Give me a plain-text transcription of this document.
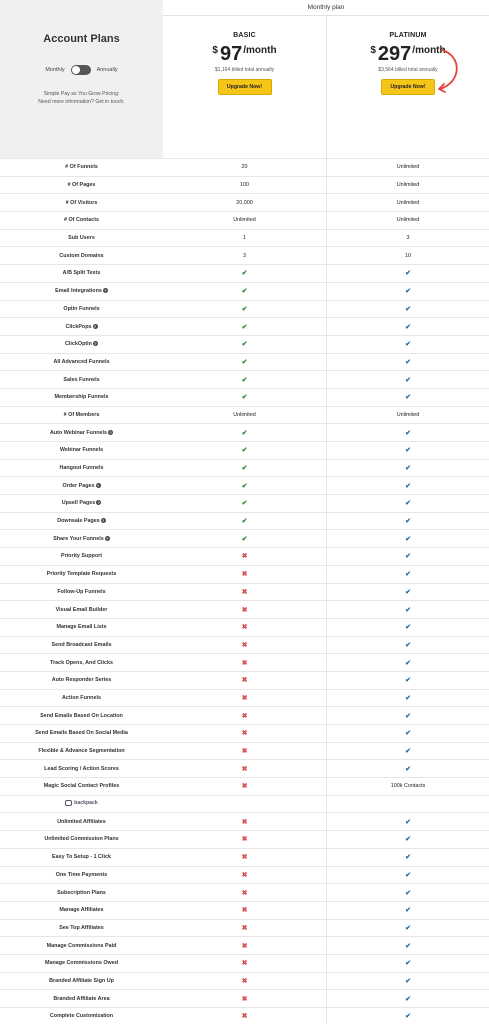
Monthly plan
Account Plans
Monthly	Annually
Simple Pay as You Grow Pricing:
Need more information? Get in touch.
BASIC
$ 97 /month
$1,164 billed total annually
Upgrade Now!
PLATINUM
$ 297 /month
$3,564 billed total annually
Upgrade Now!
# Of Funnels	20	Unlimited
# Of Pages	100	Unlimited
# Of Visitors	20,000	Unlimited
# Of Contacts	Unlimited	Unlimited
Sub Users	1	3
Custom Domains	3	10
A/B Split Tests	✔	✔
Email Integrations ?	✔	✔
Optin Funnels	✔	✔
ClickPops ?	✔	✔
ClickOptin ?	✔	✔
All Advanced Funnels	✔	✔
Sales Funnels	✔	✔
Membership Funnels	✔	✔
# Of Members	Unlimited	Unlimited
Auto Webinar Funnels ?	✔	✔
Webinar Funnels	✔	✔
Hangout Funnels	✔	✔
Order Pages ?	✔	✔
Upsell Pages ?	✔	✔
Downsale Pages ?	✔	✔
Share Your Funnels ?	✔	✔
Priority Support	✖	✔
Priority Template Requests	✖	✔
Follow-Up Funnels	✖	✔
Visual Email Builder	✖	✔
Manage Email Lists	✖	✔
Send Broadcast Emails	✖	✔
Track Opens, And Clicks	✖	✔
Auto Responder Series	✖	✔
Action Funnels	✖	✔
Send Emails Based On Location	✖	✔
Send Emails Based On Social Media	✖	✔
Flexible & Advance Segmentation	✖	✔
Lead Scoring / Action Scores	✖	✔
Magic Social Contact Profiles	✖	100k Contacts
backpack
Unlimited Affiliates	✖	✔
Unlimited Commission Plans	✖	✔
Easy To Setup - 1 Click	✖	✔
One Time Payments	✖	✔
Subscription Plans	✖	✔
Manage Affiliates	✖	✔
See Top Affiliates	✖	✔
Manage Commissions Paid	✖	✔
Manage Commissions Owed	✖	✔
Branded Affiliate Sign Up	✖	✔
Branded Affiliate Area	✖	✔
Complete Customization	✖	✔
